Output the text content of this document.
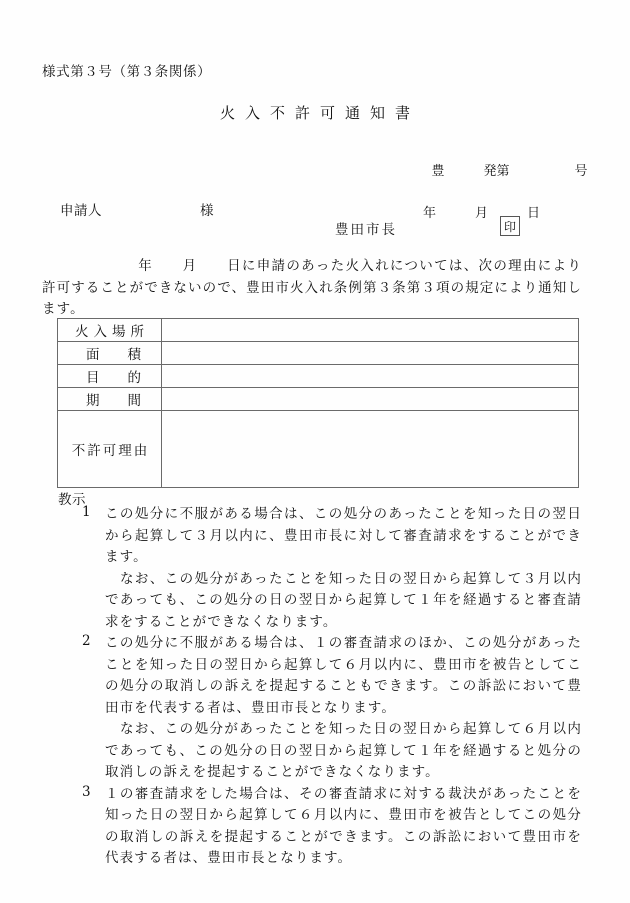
様式第３号（第３条関係）
火入不許可通知書

豊　　　発第　　　　　号

年　　　月　　　日

申請人　　　　　　　様
豊田市長	印
年　　月　　日に申請のあった火入れについては、次の理由により許可することができないので、豊田市火入れ条例第３条第３項の規定により通知します。
火入場所	
面積	
目的	
期間	
不許可理由	
教示
1 この処分に不服がある場合は、この処分のあったことを知った日の翌日から起算して３月以内に、豊田市長に対して審査請求をすることができます。
なお、この処分があったことを知った日の翌日から起算して３月以内であっても、この処分の日の翌日から起算して１年を経過すると審査請求をすることができなくなります。
2 この処分に不服がある場合は、１の審査請求のほか、この処分があったことを知った日の翌日から起算して６月以内に、豊田市を被告としてこの処分の取消しの訴えを提起することもできます。この訴訟において豊田市を代表する者は、豊田市長となります。
なお、この処分があったことを知った日の翌日から起算して６月以内であっても、この処分の日の翌日から起算して１年を経過すると処分の取消しの訴えを提起することができなくなります。
3 １の審査請求をした場合は、その審査請求に対する裁決があったことを知った日の翌日から起算して６月以内に、豊田市を被告としてこの処分の取消しの訴えを提起することができます。この訴訟において豊田市を代表する者は、豊田市長となります。
